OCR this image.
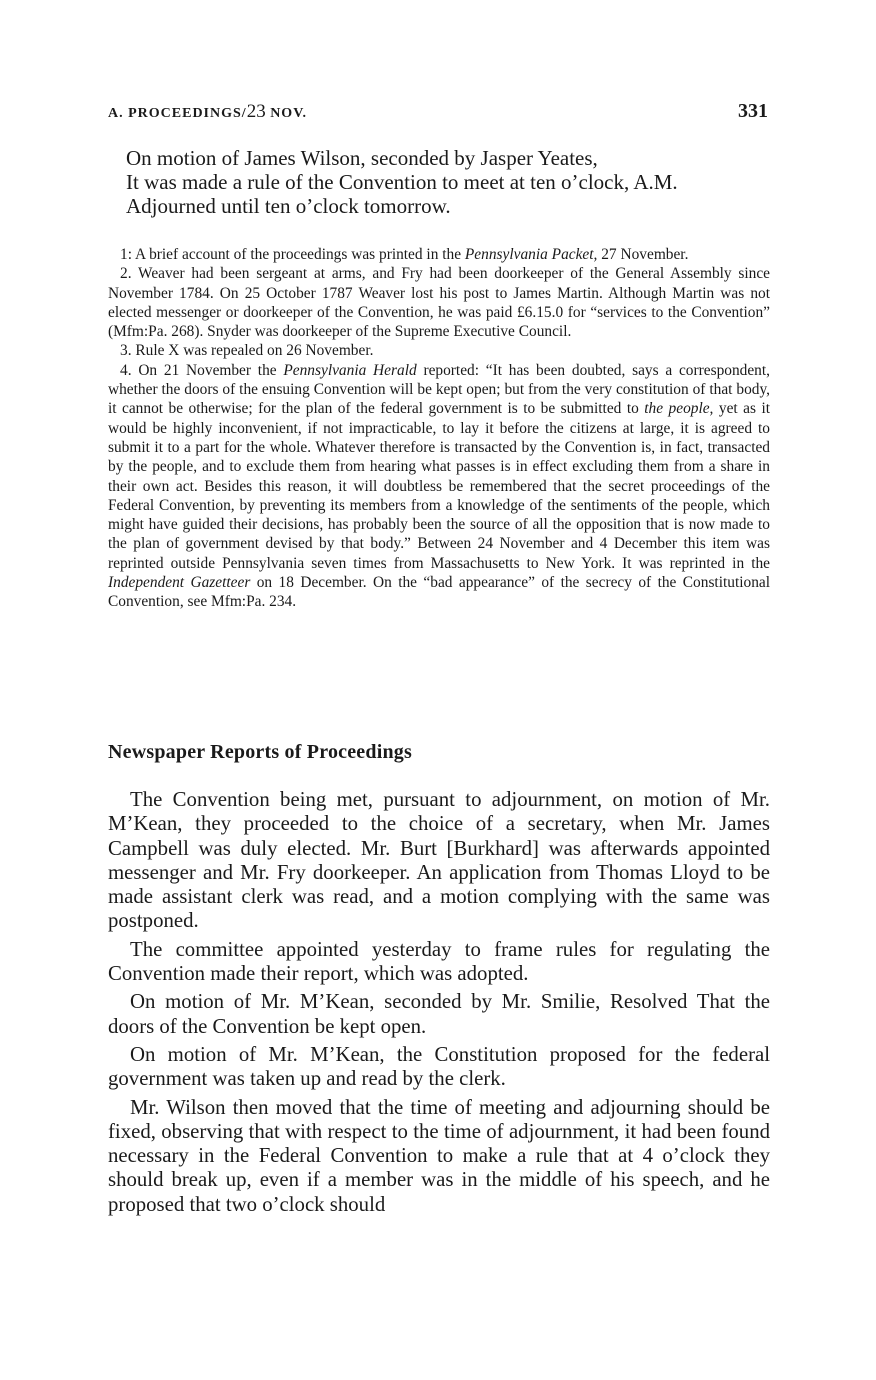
A. PROCEEDINGS/23 NOV.	331

On motion of James Wilson, seconded by Jasper Yeates,

It was made a rule of the Convention to meet at ten o’clock, A.M.

Adjourned until ten o’clock tomorrow.

1: A brief account of the proceedings was printed in the Pennsylvania Packet, 27 November.

2. Weaver had been sergeant at arms, and Fry had been doorkeeper of the General Assembly since November 1784. On 25 October 1787 Weaver lost his post to James Martin. Although Martin was not elected messenger or doorkeeper of the Convention, he was paid £6.15.0 for “services to the Convention” (Mfm:Pa. 268). Snyder was doorkeeper of the Supreme Executive Council.

3. Rule X was repealed on 26 November.

4. On 21 November the Pennsylvania Herald reported: “It has been doubted, says a correspondent, whether the doors of the ensuing Convention will be kept open; but from the very constitution of that body, it cannot be otherwise; for the plan of the federal government is to be submitted to the people, yet as it would be highly inconvenient, if not impracticable, to lay it before the citizens at large, it is agreed to submit it to a part for the whole. Whatever therefore is transacted by the Convention is, in fact, transacted by the people, and to exclude them from hearing what passes is in effect excluding them from a share in their own act. Besides this reason, it will doubtless be remembered that the secret proceedings of the Federal Convention, by preventing its members from a knowledge of the sentiments of the people, which might have guided their decisions, has probably been the source of all the opposition that is now made to the plan of government devised by that body.” Between 24 November and 4 December this item was reprinted outside Pennsylvania seven times from Massachusetts to New York. It was reprinted in the Independent Gazetteer on 18 December. On the “bad appearance” of the secrecy of the Constitutional Convention, see Mfm:Pa. 234.

Newspaper Reports of Proceedings

The Convention being met, pursuant to adjournment, on motion of Mr. M’Kean, they proceeded to the choice of a secretary, when Mr. James Campbell was duly elected. Mr. Burt [Burkhard] was afterwards appointed messenger and Mr. Fry doorkeeper. An application from Thomas Lloyd to be made assistant clerk was read, and a motion complying with the same was postponed.

The committee appointed yesterday to frame rules for regulating the Convention made their report, which was adopted.

On motion of Mr. M’Kean, seconded by Mr. Smilie, Resolved That the doors of the Convention be kept open.

On motion of Mr. M’Kean, the Constitution proposed for the federal government was taken up and read by the clerk.

Mr. Wilson then moved that the time of meeting and adjourning should be fixed, observing that with respect to the time of adjournment, it had been found necessary in the Federal Convention to make a rule that at 4 o’clock they should break up, even if a member was in the middle of his speech, and he proposed that two o’clock should
